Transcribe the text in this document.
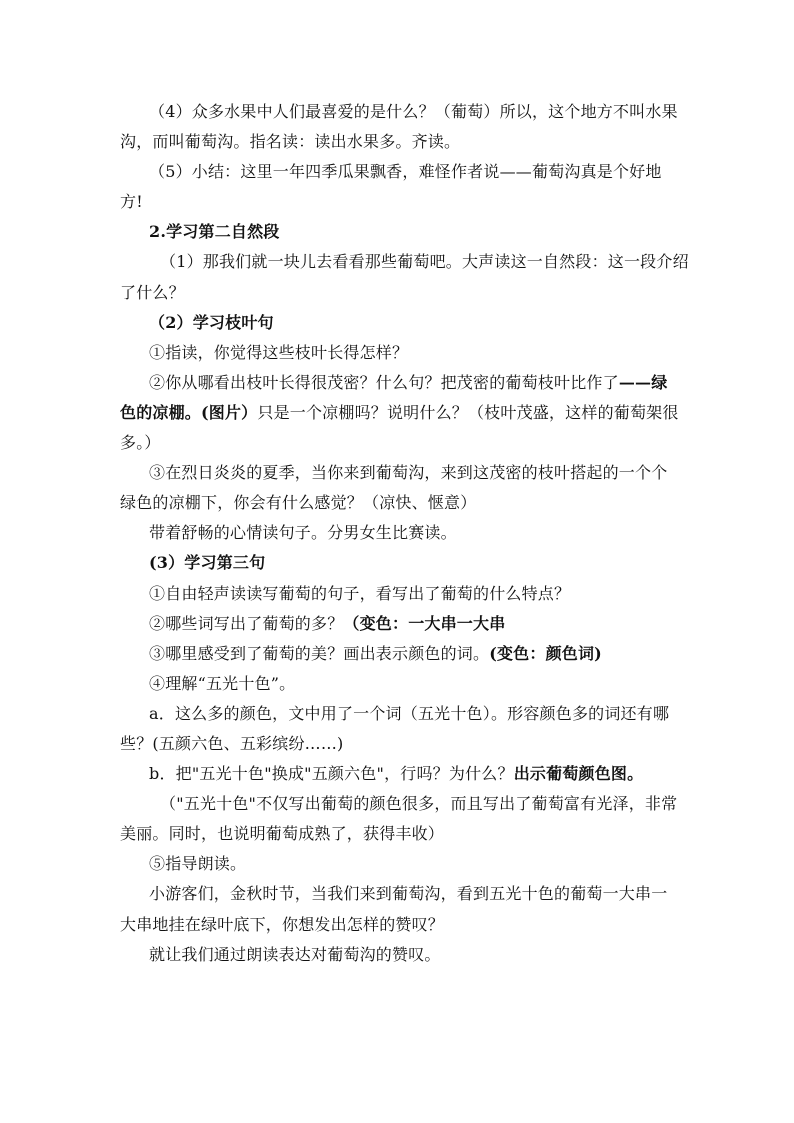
（4）众多水果中人们最喜爱的是什么？（葡萄）所以，这个地方不叫水果
沟，而叫葡萄沟。指名读：读出水果多。齐读。
（5）小结：这里一年四季瓜果飘香，难怪作者说——葡萄沟真是个好地
方!
2.学习第二自然段
（1）那我们就一块儿去看看那些葡萄吧。大声读这一自然段：这一段介绍
了什么？
（2）学习枝叶句
①指读，你觉得这些枝叶长得怎样？
②你从哪看出枝叶长得很茂密？什么句？把茂密的葡萄枝叶比作了——绿
色的凉棚。(图片）只是一个凉棚吗？说明什么？（枝叶茂盛，这样的葡萄架很
多。）
③在烈日炎炎的夏季，当你来到葡萄沟，来到这茂密的枝叶搭起的一个个
绿色的凉棚下，你会有什么感觉？（凉快、惬意）
带着舒畅的心情读句子。分男女生比赛读。
(3）学习第三句
①自由轻声读读写葡萄的句子，看写出了葡萄的什么特点？
②哪些词写出了葡萄的多？（变色：一大串一大串
③哪里感受到了葡萄的美？画出表示颜色的词。(变色：颜色词)
④理解“五光十色”。
a．这么多的颜色，文中用了一个词（五光十色）。形容颜色多的词还有哪
些？(五颜六色、五彩缤纷……)
b．把"五光十色"换成"五颜六色"，行吗？为什么？出示葡萄颜色图。
（"五光十色"不仅写出葡萄的颜色很多，而且写出了葡萄富有光泽，非常
美丽。同时，也说明葡萄成熟了，获得丰收）
⑤指导朗读。
小游客们，金秋时节，当我们来到葡萄沟，看到五光十色的葡萄一大串一
大串地挂在绿叶底下，你想发出怎样的赞叹？
就让我们通过朗读表达对葡萄沟的赞叹。
